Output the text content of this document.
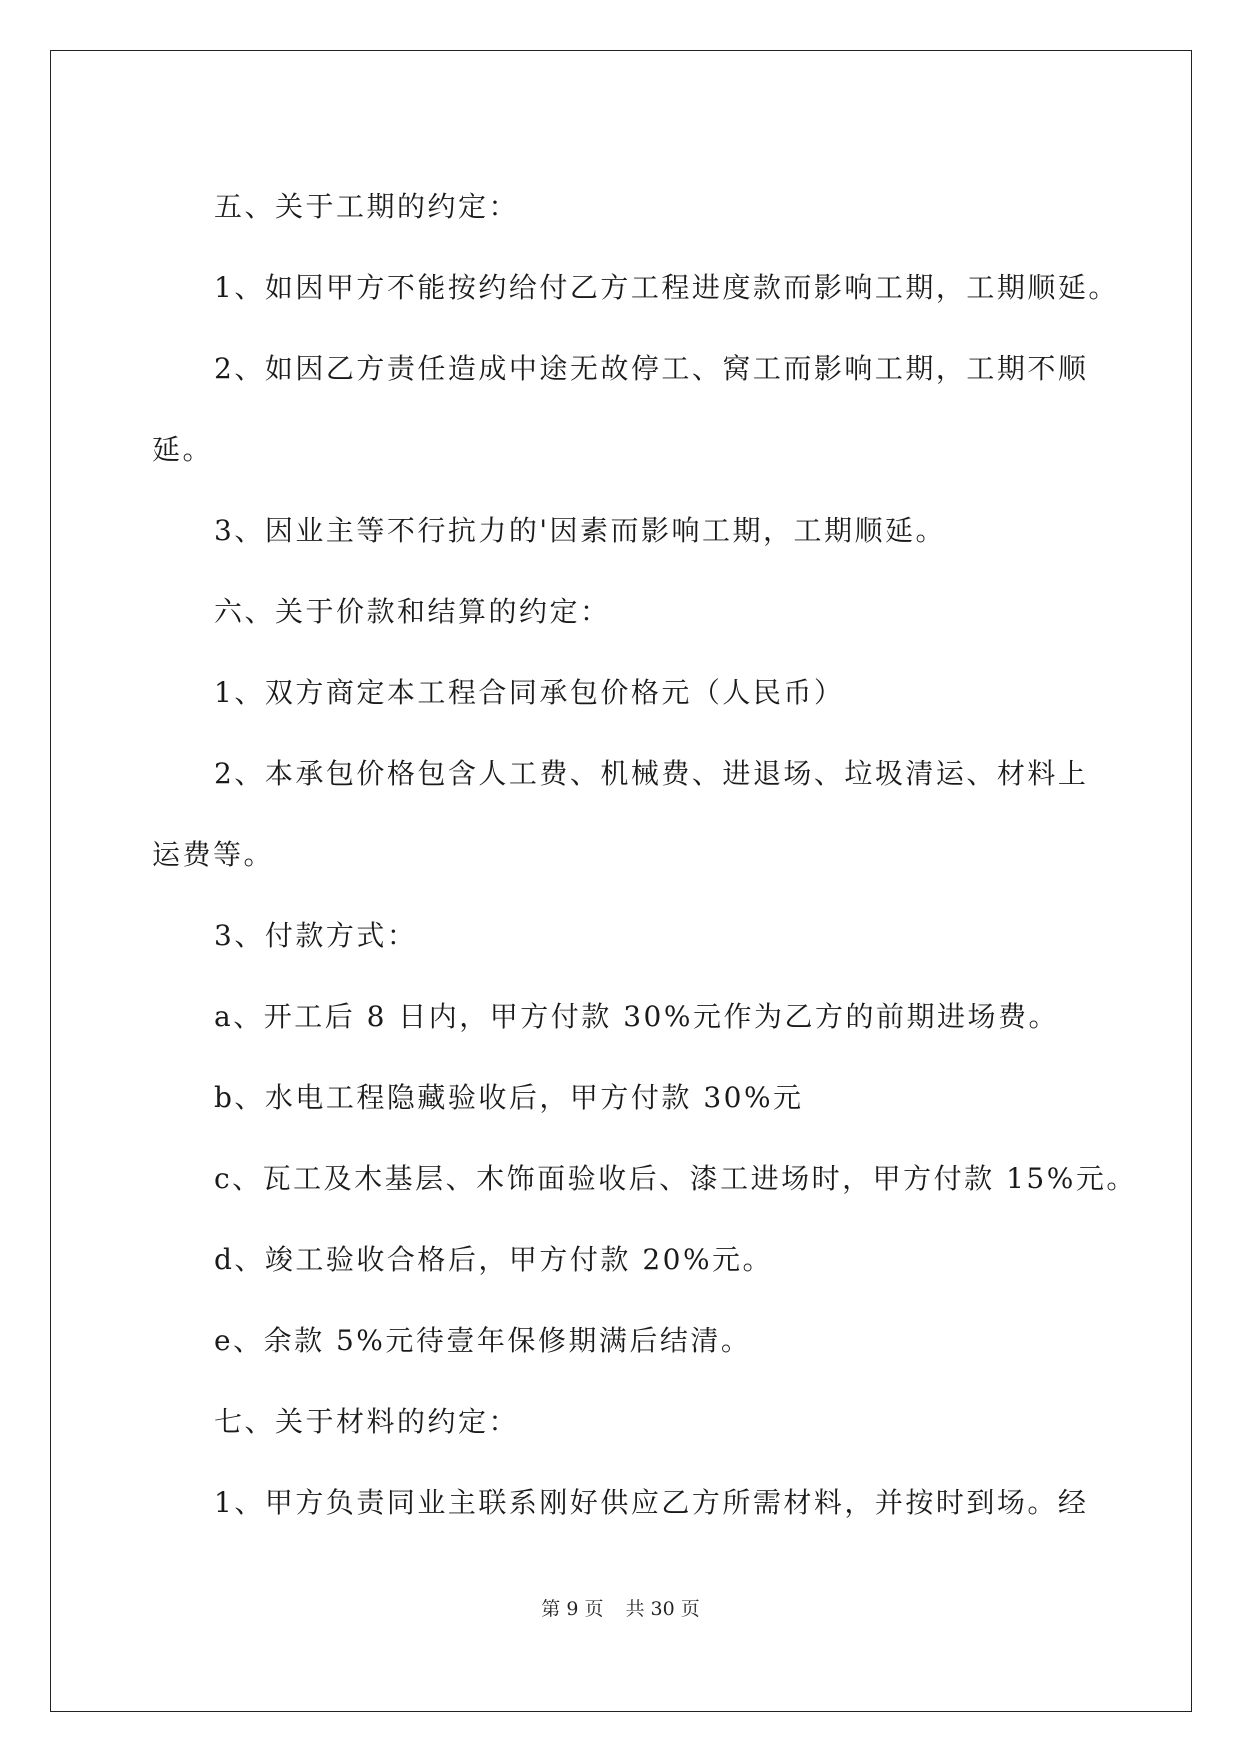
五、关于工期的约定：

1、如因甲方不能按约给付乙方工程进度款而影响工期，工期顺延。

2、如因乙方责任造成中途无故停工、窝工而影响工期，工期不顺

延。

3、因业主等不行抗力的'因素而影响工期，工期顺延。

六、关于价款和结算的约定：

1、双方商定本工程合同承包价格元（人民币）

2、本承包价格包含人工费、机械费、进退场、垃圾清运、材料上

运费等。

3、付款方式：

a、开工后 8 日内，甲方付款 30%元作为乙方的前期进场费。

b、水电工程隐藏验收后，甲方付款 30%元

c、瓦工及木基层、木饰面验收后、漆工进场时，甲方付款 15%元。

d、竣工验收合格后，甲方付款 20%元。

e、余款 5%元待壹年保修期满后结清。

七、关于材料的约定：

1、甲方负责同业主联系刚好供应乙方所需材料，并按时到场。经

第 9 页 共 30 页
